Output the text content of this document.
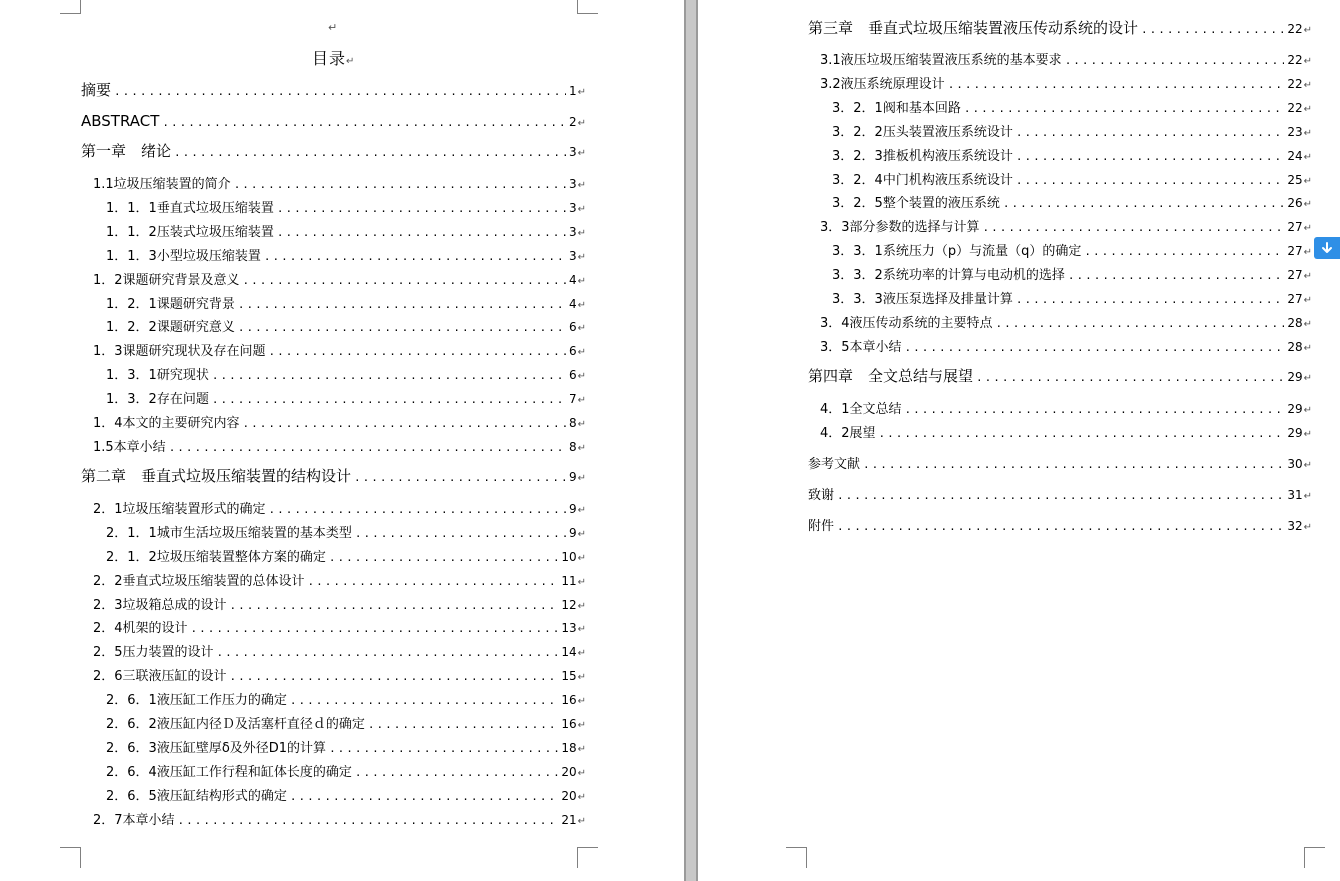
↵
目录↵
摘要 .....	1 ↵
ABSTRACT .....	2 ↵
第一章　绪论 .....	3 ↵
1.1垃圾压缩装置的简介 .....	3 ↵
1．1．1垂直式垃圾压缩装置 .....	3 ↵
1．1．2压装式垃圾压缩装置 .....	3 ↵
1．1．3小型垃圾压缩装置 .....	3 ↵
1．2课题研究背景及意义 .....	4 ↵
1．2．1课题研究背景 .....	4 ↵
1．2．2课题研究意义 .....	6 ↵
1．3课题研究现状及存在问题 .....	6 ↵
1．3．1研究现状 .....	6 ↵
1．3．2存在问题 .....	7 ↵
1．4本文的主要研究内容 .....	8 ↵
1.5本章小结 .....	8 ↵
第二章　垂直式垃圾压缩装置的结构设计 .....	9 ↵
2．1垃圾压缩装置形式的确定 .....	9 ↵
2．1．1城市生活垃圾压缩装置的基本类型 .....	9 ↵
2．1．2垃圾压缩装置整体方案的确定 .....	10 ↵
2．2垂直式垃圾压缩装置的总体设计 .....	11 ↵
2．3垃圾箱总成的设计 .....	12 ↵
2．4机架的设计 .....	13 ↵
2．5压力装置的设计 .....	14 ↵
2．6三联液压缸的设计 .....	15 ↵
2．6．1液压缸工作压力的确定 .....	16 ↵
2．6．2液压缸内径Ｄ及活塞杆直径ｄ的确定 .....	16 ↵
2．6．3液压缸壁厚δ及外径D1的计算 .....	18 ↵
2．6．4液压缸工作行程和缸体长度的确定 .....	20 ↵
2．6．5液压缸结构形式的确定 .....	20 ↵
2．7本章小结 .....	21 ↵
第三章　垂直式垃圾压缩装置液压传动系统的设计 .....	22 ↵
3.1液压垃圾压缩装置液压系统的基本要求 .....	22 ↵
3.2液压系统原理设计 .....	22 ↵
3．2．1阀和基本回路 .....	22 ↵
3．2．2压头装置液压系统设计 .....	23 ↵
3．2．3推板机构液压系统设计 .....	24 ↵
3．2．4中门机构液压系统设计 .....	25 ↵
3．2．5整个装置的液压系统 .....	26 ↵
3．3部分参数的选择与计算 .....	27 ↵
3．3．1系统压力（p）与流量（q）的确定 .....	27 ↵
3．3．2系统功率的计算与电动机的选择 .....	27 ↵
3．3．3液压泵选择及排量计算 .....	27 ↵
3．4液压传动系统的主要特点 .....	28 ↵
3．5本章小结 .....	28 ↵
第四章　全文总结与展望 .....	29 ↵
4．1全文总结 .....	29 ↵
4．2展望 .....	29 ↵
参考文献 .....	30 ↵
致谢 .....	31 ↵
附件 .....	32 ↵
